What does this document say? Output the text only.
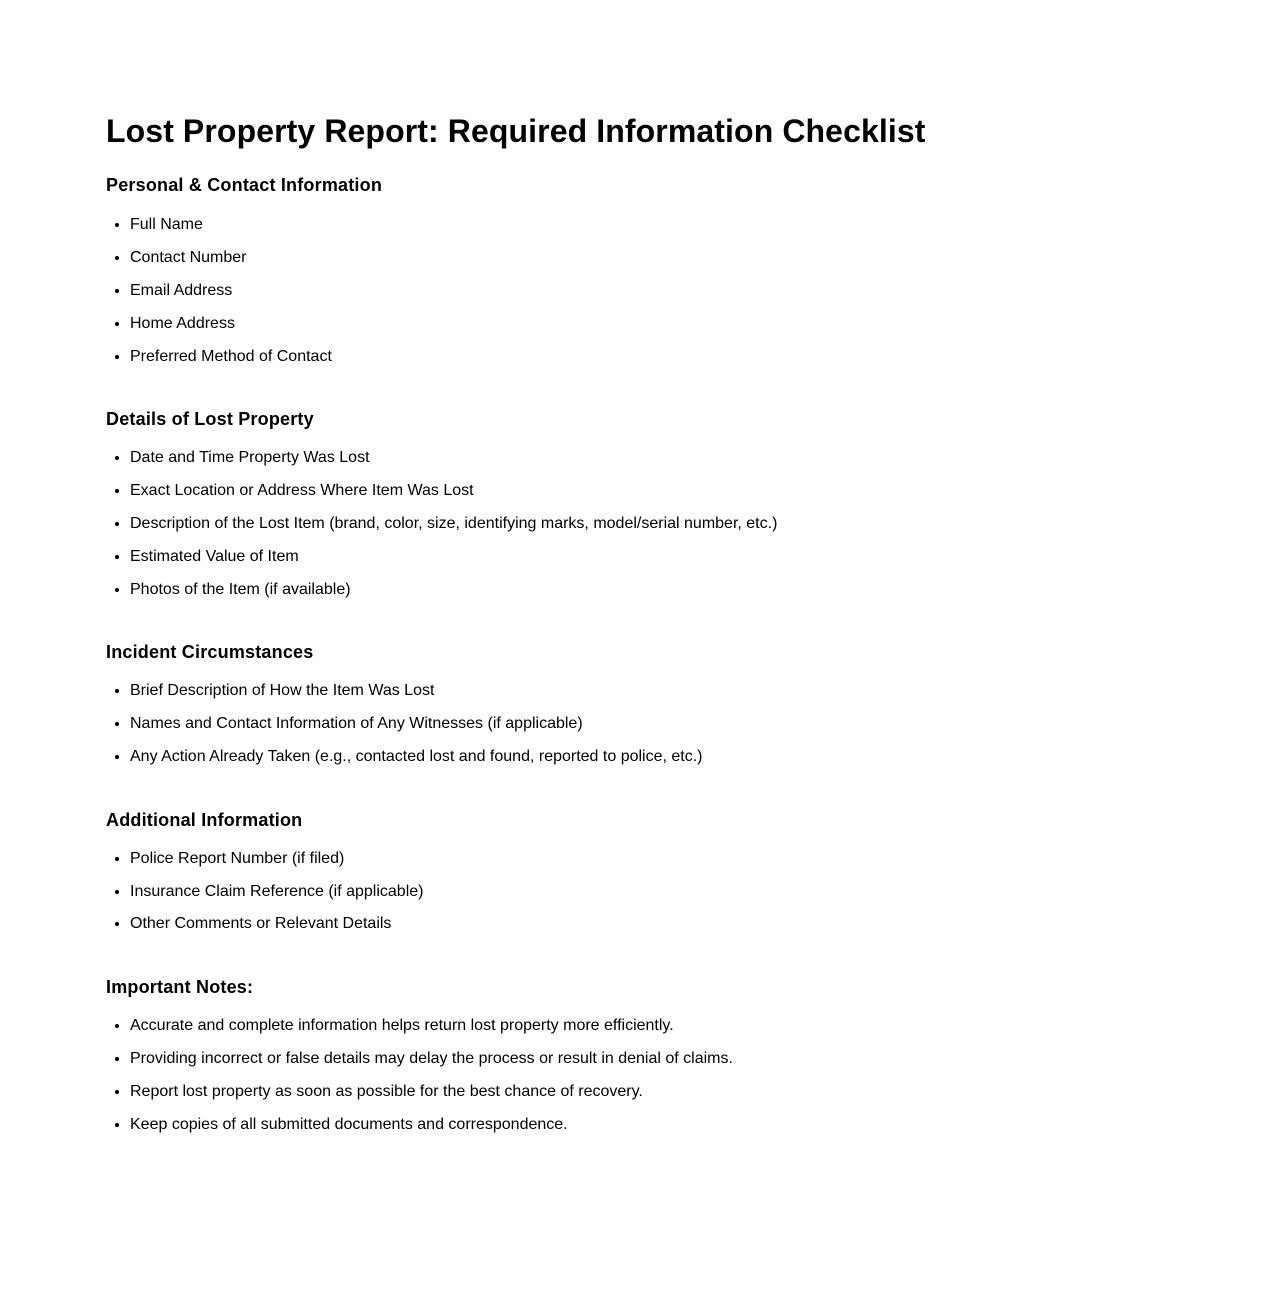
Lost Property Report: Required Information Checklist
Personal & Contact Information
• Full Name
• Contact Number
• Email Address
• Home Address
• Preferred Method of Contact
Details of Lost Property
• Date and Time Property Was Lost
• Exact Location or Address Where Item Was Lost
• Description of the Lost Item (brand, color, size, identifying marks, model/serial number, etc.)
• Estimated Value of Item
• Photos of the Item (if available)
Incident Circumstances
• Brief Description of How the Item Was Lost
• Names and Contact Information of Any Witnesses (if applicable)
• Any Action Already Taken (e.g., contacted lost and found, reported to police, etc.)
Additional Information
• Police Report Number (if filed)
• Insurance Claim Reference (if applicable)
• Other Comments or Relevant Details
Important Notes:
• Accurate and complete information helps return lost property more efficiently.
• Providing incorrect or false details may delay the process or result in denial of claims.
• Report lost property as soon as possible for the best chance of recovery.
• Keep copies of all submitted documents and correspondence.
